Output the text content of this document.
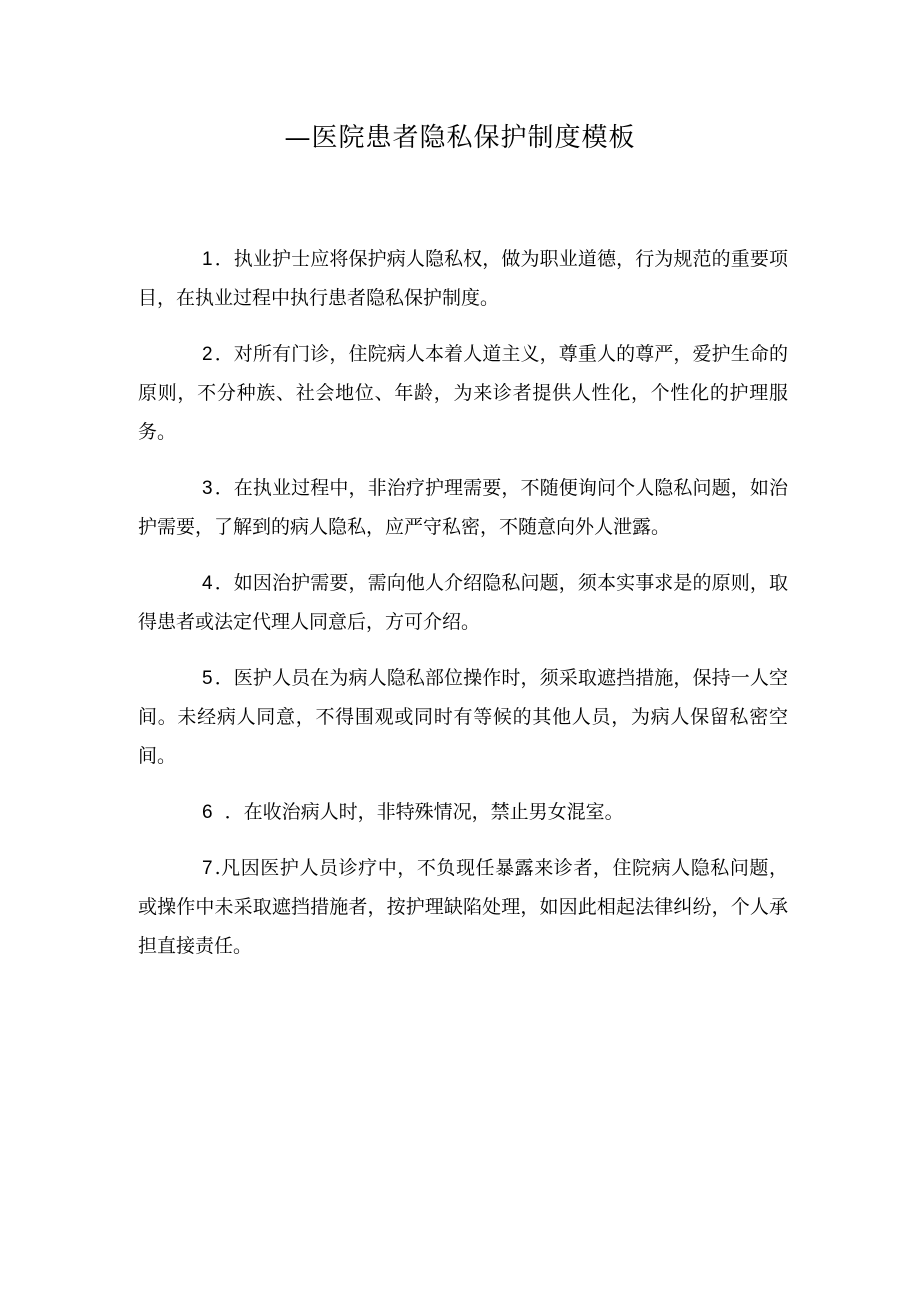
—医院患者隐私保护制度模板

1 ．执业护士应将保护病人隐私权，做为职业道德，行为规范的重要项目，在执业过程中执行患者隐私保护制度。

2 ．对所有门诊，住院病人本着人道主义，尊重人的尊严，爱护生命的原则，不分种族、社会地位、年龄，为来诊者提供人性化，个性化的护理服务。

3 ．在执业过程中，非治疗护理需要，不随便询问个人隐私问题，如治护需要，了解到的病人隐私，应严守私密，不随意向外人泄露。

4 ．如因治护需要，需向他人介绍隐私问题，须本实事求是的原则，取得患者或法定代理人同意后，方可介绍。

5 ．医护人员在为病人隐私部位操作时，须采取遮挡措施，保持一人空间。未经病人同意，不得围观或同时有等候的其他人员，为病人保留私密空间。

6 ．在收治病人时，非特殊情况，禁止男女混室。

7 .凡因医护人员诊疗中，不负现任暴露来诊者，住院病人隐私问题，或操作中未采取遮挡措施者，按护理缺陷处理，如因此相起法律纠纷，个人承担直接责任。
